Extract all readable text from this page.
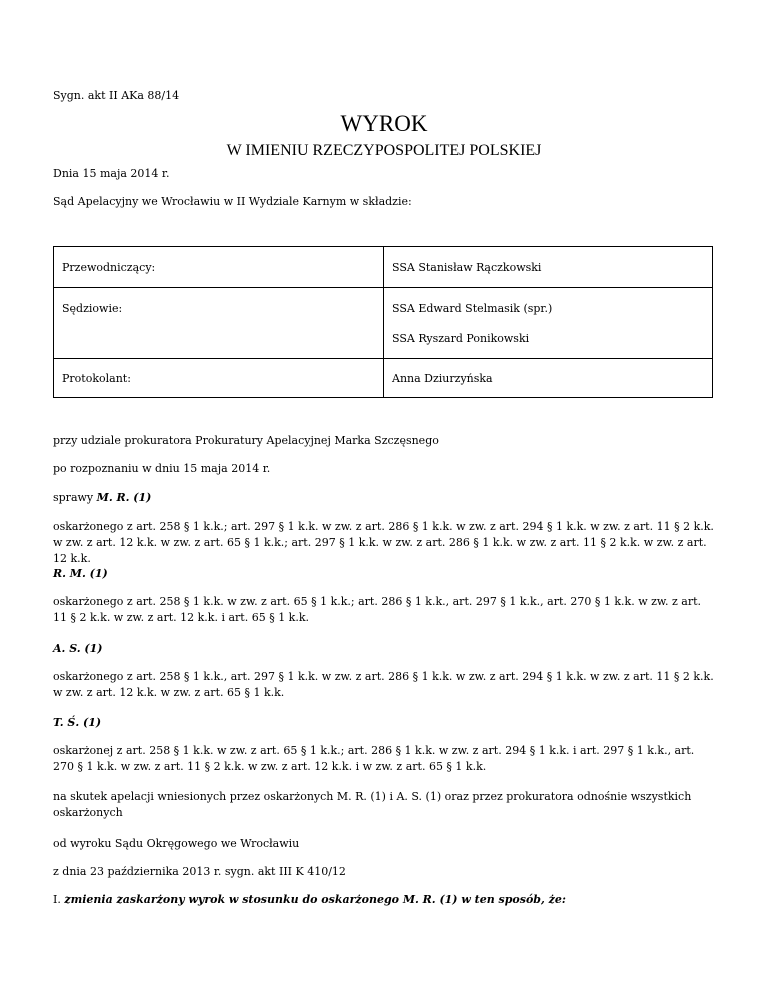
Sygn. akt II AKa 88/14
WYROK
W IMIENIU RZECZYPOSPOLITEJ POLSKIEJ
Dnia 15 maja 2014 r.
Sąd Apelacyjny we Wrocławiu w II Wydziale Karnym w składzie:
Przewodniczący:	SSA Stanisław Rączkowski

Sędziowie:	SSA Edward Stelmasik (spr.)
SSA Ryszard Ponikowski

Protokolant:	Anna Dziurzyńska
przy udziale prokuratora Prokuratury Apelacyjnej Marka Szczęsnego
po rozpoznaniu w dniu 15 maja 2014 r.
sprawy M. R. (1)
oskarżonego z art. 258 § 1 k.k.; art. 297 § 1 k.k. w zw. z art. 286 § 1 k.k. w zw. z art. 294 § 1 k.k. w zw. z art. 11 § 2 k.k. w zw. z art. 12 k.k. w zw. z art. 65 § 1 k.k.; art. 297 § 1 k.k. w zw. z art. 286 § 1 k.k. w zw. z art. 11 § 2 k.k. w zw. z art. 12 k.k.
R. M. (1)
oskarżonego z art. 258 § 1 k.k. w zw. z art. 65 § 1 k.k.; art. 286 § 1 k.k., art. 297 § 1 k.k., art. 270 § 1 k.k. w zw. z art. 11 § 2 k.k. w zw. z art. 12 k.k. i art. 65 § 1 k.k.
A. S. (1)
oskarżonego z art. 258 § 1 k.k., art. 297 § 1 k.k. w zw. z art. 286 § 1 k.k. w zw. z art. 294 § 1 k.k. w zw. z art. 11 § 2 k.k. w zw. z art. 12 k.k. w zw. z art. 65 § 1 k.k.
T. Ś. (1)
oskarżonej z art. 258 § 1 k.k. w zw. z art. 65 § 1 k.k.; art. 286 § 1 k.k. w zw. z art. 294 § 1 k.k. i art. 297 § 1 k.k., art. 270 § 1 k.k. w zw. z art. 11 § 2 k.k. w zw. z art. 12 k.k. i w zw. z art. 65 § 1 k.k.
na skutek apelacji wniesionych przez oskarżonych M. R. (1) i A. S. (1) oraz przez prokuratora odnośnie wszystkich oskarżonych
od wyroku Sądu Okręgowego we Wrocławiu
z dnia 23 października 2013 r. sygn. akt III K 410/12
I. zmienia zaskarżony wyrok w stosunku do oskarżonego M. R. (1) w ten sposób, że:
